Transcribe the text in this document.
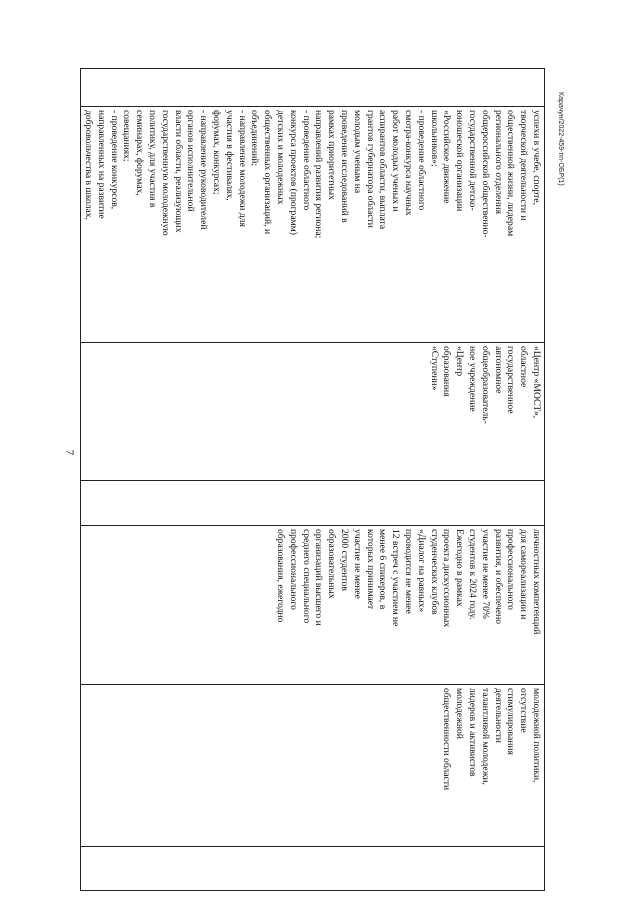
7
Карачун/2022-459-пп-ОБР(1)
	успехи в учебе, спорте,
творческой деятельности и
общественной жизни, лидерам
регионального отделения
общероссийской общественно-
государственной детско-
юношеской организации
«Российское движение
школьников»;
- проведение областного
смотра-конкурса научных
работ молодых ученых и
аспирантов области, выплата
грантов губернатора области
молодым ученым на
проведение исследований в
рамках приоритетных
направлений развития региона;
- проведение областного
конкурса проектов (программ)
детских и молодежных
общественных организаций, и
объединений;
- направление молодежи для
участия в фестивалях,
форумах, конкурсах;
- направление руководителей
органов исполнительной
власти области, реализующих
государственную молодежную
политику, для участия в
семинарах, форумах,
совещаниях;
- проведение конкурсов,
направленных на развитие
добровольчества в школах,	«Центр «МОСТ»,
областное
государственное
автономное
общеобразователь-
ное учреждение
«Центр
образования
«Ступени»		личностных компетенций
для самореализации и
профессионального
развития, и обеспечено
участие не менее 70%
студентов к 2024 году.
Ежегодно в рамках
проекта дискуссионных
студенческих клубов
«Диалог на равных»
проводится не менее
12 встреч с участием не
менее 6 спикеров, в
которых принимает
участие не менее
2000 студентов
образовательных
организаций высшего и
среднего специального
профессионального
образования, ежегодно	молодежной политики,
отсутствие
стимулирования
деятельности
талантливой молодежи,
лидеров и активистов
молодежной
общественности области	
